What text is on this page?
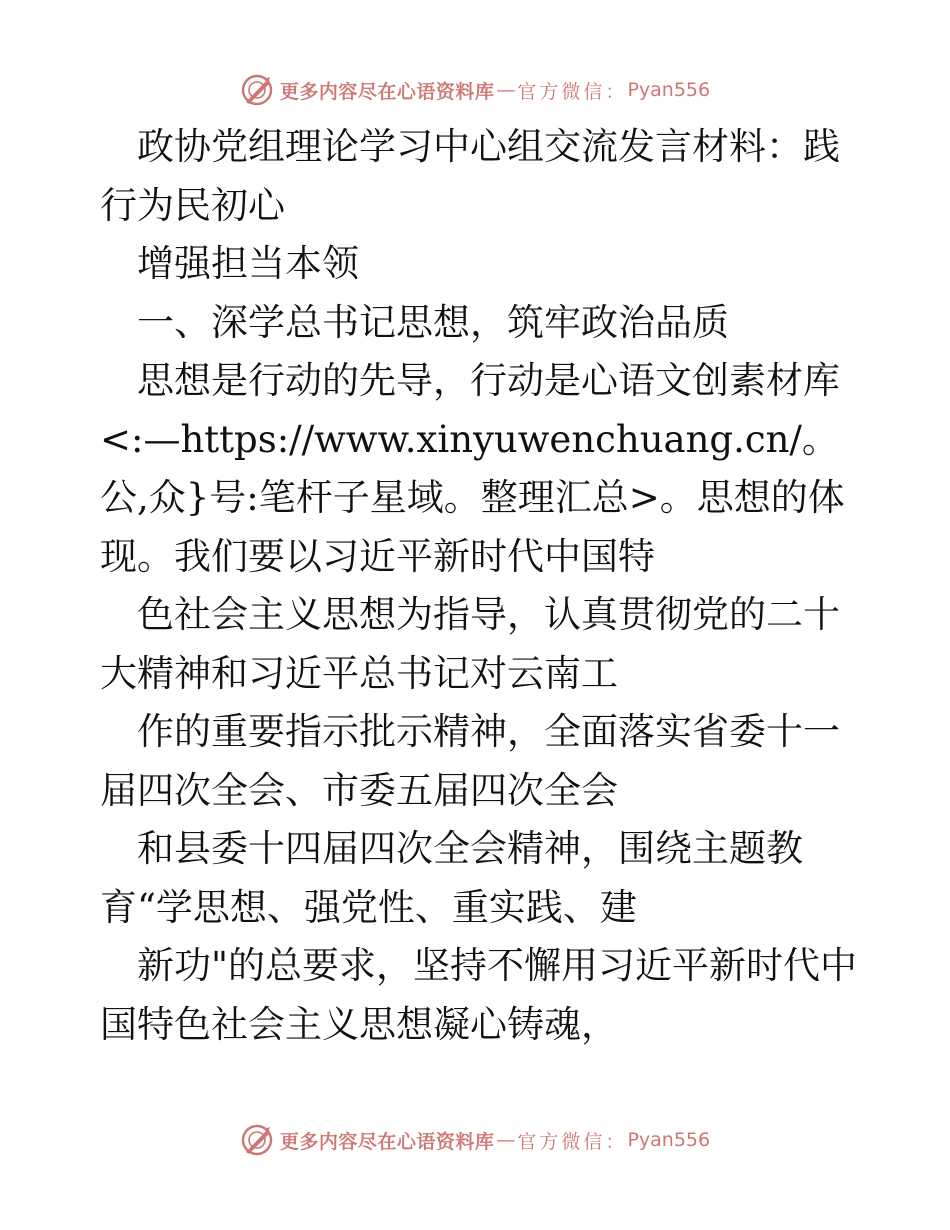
更多内容尽在心语资料库 — 官方微信： Pyan556

政协党组理论学习中心组交流发言材料：践行为民初心

增强担当本领

一、深学总书记思想，筑牢政治品质

思想是行动的先导，行动是心语文创素材库<:—https://www.xinyuwenchuang.cn/。公,众}号:笔杆子星域。整理汇总>。思想的体现。我们要以习近平新时代中国特

色社会主义思想为指导，认真贯彻党的二十大精神和习近平总书记对云南工

作的重要指示批示精神，全面落实省委十一届四次全会、市委五届四次全会

和县委十四届四次全会精神，围绕主题教育“学思想、强党性、重实践、建

新功"的总要求，坚持不懈用习近平新时代中国特色社会主义思想凝心铸魂，

更多内容尽在心语资料库 — 官方微信： Pyan556
